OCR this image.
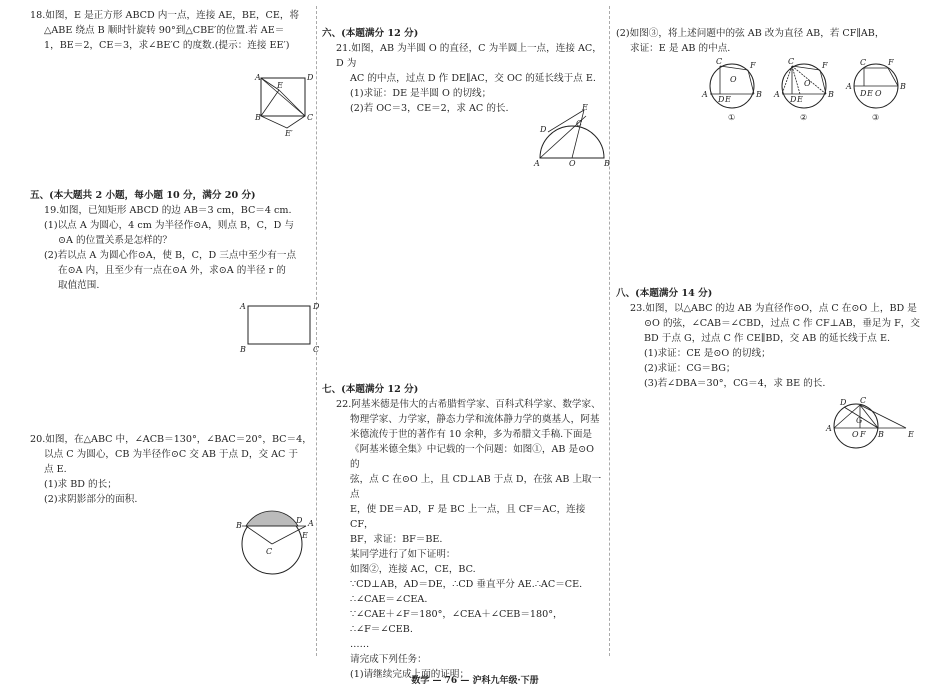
18.如图，E 是正方形 ABCD 内一点，连接 AE，BE，CE，将

△ABE 绕点 B 顺时针旋转 90°到△CBE′的位置.若 AE＝

1，BE＝2，CE＝3，求∠BE′C 的度数.(提示：连接 EE′)

A	D
B	C
E
E′

五、(本大题共 2 小题，每小题 10 分，满分 20 分)

19.如图，已知矩形 ABCD 的边 AB＝3 cm，BC＝4 cm.

(1)以点 A 为圆心，4 cm 为半径作⊙A，则点 B，C，D 与

⊙A 的位置关系是怎样的？

(2)若以点 A 为圆心作⊙A，使 B，C，D 三点中至少有一点

在⊙A 内，且至少有一点在⊙A 外，求⊙A 的半径 r 的

取值范围.

A	D
B	C

20.如图，在△ABC 中，∠ACB＝130°，∠BAC＝20°，BC＝4，

以点 C 为圆心，CB 为半径作⊙C 交 AB 于点 D，交 AC 于

点 E.

(1)求 BD 的长；

(2)求阴影部分的面积.

B
D A
E
C

六、(本题满分 12 分)

21.如图，AB 为半圆 O 的直径，C 为半圆上一点，连接 AC，D 为

AC 的中点，过点 D 作 DE∥AC，交 OC 的延长线于点 E.

(1)求证：DE 是半圆 O 的切线；

(2)若 OC＝3，CE＝2，求 AC 的长.	E
C
D
A	O	B

七、(本题满分 12 分)

22.阿基米德是伟大的古希腊哲学家、百科式科学家、数学家、

物理学家、力学家，静态力学和流体静力学的奠基人，阿基

米德流传于世的著作有 10 余种，多为希腊文手稿.下面是

《阿基米德全集》中记载的一个问题：如图①，AB 是⊙O 的

弦，点 C 在⊙O 上，且 CD⊥AB 于点 D，在弦 AB 上取一点

E，使 DE＝AD，F 是 BC 上一点，且 CF＝AC，连接 CF，

BF，求证：BF＝BE.

某同学进行了如下证明：

如图②，连接 AC，CE，BC.

∵CD⊥AB，AD＝DE，∴CD 垂直平分 AE.∴AC＝CE.

∴∠CAE＝∠CEA.

∵∠CAE＋∠F＝180°，∠CEA＋∠CEB＝180°，

∴∠F＝∠CEB.

……

请完成下列任务：

(1)请继续完成上面的证明；

(2)如图③，将上述问题中的弦 AB 改为直径 AB，若 CF∥AB，

求证：E 是 AB 的中点.

C	F
O
A
D E
B
①
C	F
O
A
D E
B
②
C	F
A
D E O
B
③

八、(本题满分 14 分)

23.如图，以△ABC 的边 AB 为直径作⊙O，点 C 在⊙O 上，BD 是

⊙O 的弦，∠CAB＝∠CBD，过点 C 作 CF⊥AB，垂足为 F，交

BD 于点 G，过点 C 作 CE∥BD，交 AB 的延长线于点 E.

(1)求证：CE 是⊙O 的切线；

(2)求证：CG＝BG；

(3)若∠DBA＝30°，CG＝4，求 BE 的长.

D C
A
O F
G
B	E
数学 — 76 — 沪科九年级·下册
